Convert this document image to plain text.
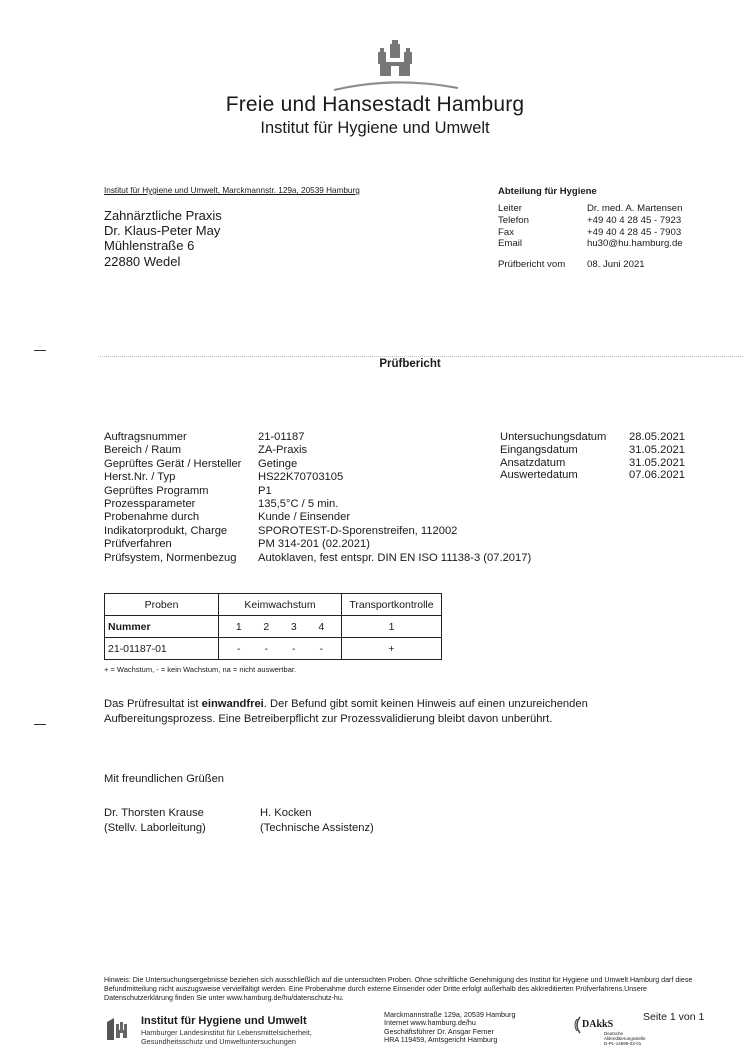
Freie und Hansestadt Hamburg
Institut für Hygiene und Umwelt
Institut für Hygiene und Umwelt, Marckmannstr. 129a, 20539 Hamburg
Zahnärztliche Praxis
Dr. Klaus-Peter May
Mühlenstraße 6
22880 Wedel
Abteilung für Hygiene
Leiter	Dr. med. A. Martensen
Telefon	+49 40 4 28 45 - 7923
Fax	+49 40 4 28 45 - 7903
Email	hu30@hu.hamburg.de
Prüfbericht vom 08. Juni 2021
Prüfbericht
Auftragsnummer	21-01187
Bereich / Raum	ZA-Praxis
Geprüftes Gerät / Hersteller Getinge
Herst.Nr. / Typ	HS22K70703105
Geprüftes Programm	P1
Prozessparameter	135,5°C / 5 min.
Probenahme durch	Kunde / Einsender
Indikatorprodukt, Charge	SPOROTEST-D-Sporenstreifen, 112002
Prüfverfahren	PM 314-201 (02.2021)
Prüfsystem, Normenbezug Autoklaven, fest entspr. DIN EN ISO 11138-3 (07.2017)
Untersuchungsdatum 28.05.2021
Eingangsdatum	31.05.2021
Ansatzdatum	31.05.2021
Auswertedatum	07.06.2021
Proben	Keimwachstum	Transportkontrolle
Nummer	1 2 3 4	1
21-01187-01	- - - -	+
+ = Wachstum, - = kein Wachstum, na = nicht auswertbar.
Das Prüfresultat ist einwandfrei. Der Befund gibt somit keinen Hinweis auf einen unzureichenden
Aufbereitungsprozess. Eine Betreiberpflicht zur Prozessvalidierung bleibt davon unberührt.
Mit freundlichen Grüßen
Dr. Thorsten Krause
(Stellv. Laborleitung)
H. Kocken
(Technische Assistenz)
Hinweis: Die Untersuchungsergebnisse beziehen sich ausschließlich auf die untersuchten Proben. Ohne schriftliche Genehmigung des Institut für Hygiene und Umwelt Hamburg darf diese
Befundmitteilung nicht auszugsweise vervielfältigt werden. Eine Probenahme durch externe Einsender oder Dritte erfolgt außerhalb des akkreditierten Prüfverfahrens.Unsere
Datenschutzerklärung finden Sie unter www.hamburg.de/hu/datenschutz-hu.
Institut für Hygiene und Umwelt
Hamburger Landesinstitut für Lebensmittelsicherheit,
Gesundheitsschutz und Umweltuntersuchungen
Marckmannstraße 129a, 20539 Hamburg
Internet www.hamburg.de/hu
Geschäftsführer Dr. Ansgar Ferner
HRA 119459, Amtsgericht Hamburg
DAkkS
Deutsche
Akkreditierungsstelle
D-PL-14695-03-01
Seite 1 von 1
